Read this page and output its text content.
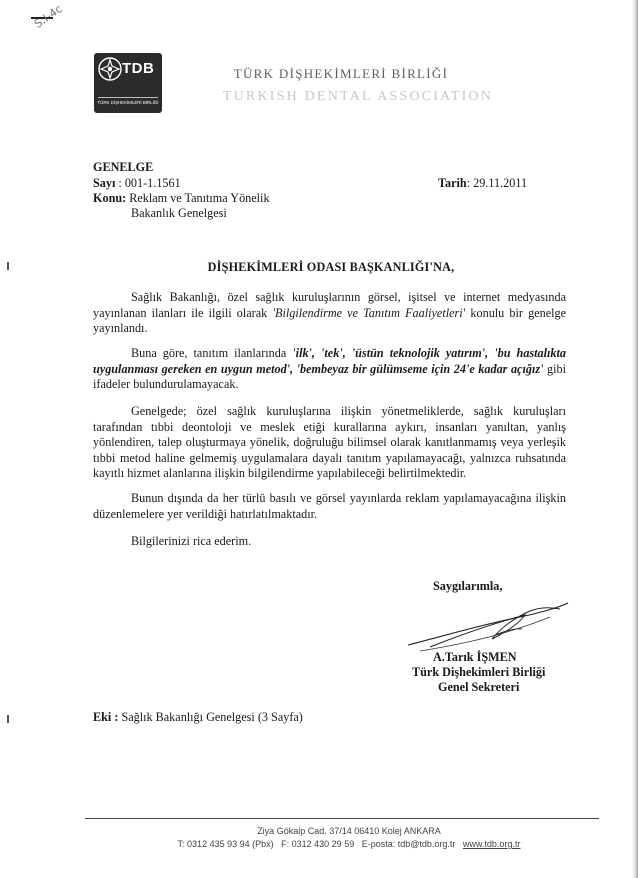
S.I-4c
TDB
TÜRK DİŞHEKİMLERİ BİRLİĞİ
TÜRK DİŞHEKİMLERİ BİRLİĞİ
TURKISH DENTAL ASSOCIATION
GENELGE
Sayı : 001-1.1561	Tarih: 29.11.2011
Konu: Reklam ve Tanıtıma Yönelik
Bakanlık Genelgesi
DİŞHEKİMLERİ ODASI BAŞKANLIĞI'NA,
Sağlık Bakanlığı, özel sağlık kuruluşlarının görsel, işitsel ve internet medyasında yayınlanan ilanları ile ilgili olarak 'Bilgilendirme ve Tanıtım Faaliyetleri' konulu bir genelge yayınlandı.
Buna göre, tanıtım ilanlarında 'ilk', 'tek', 'üstün teknolojik yatırım', 'bu hastalıkta uygulanması gereken en uygun metod', 'bembeyaz bir gülümseme için 24'e kadar açığız' gibi ifadeler bulundurulamayacak.
Genelgede; özel sağlık kuruluşlarına ilişkin yönetmeliklerde, sağlık kuruluşları tarafından tıbbi deontoloji ve meslek etiği kurallarına aykırı, insanları yanıltan, yanlış yönlendiren, talep oluşturmaya yönelik, doğruluğu bilimsel olarak kanıtlanmamış veya yerleşik tıbbi metod haline gelmemiş uygulamalara dayalı tanıtım yapılamayacağı, yalnızca ruhsatında kayıtlı hizmet alanlarına ilişkin bilgilendirme yapılabileceği belirtilmektedir.
Bunun dışında da her türlü basılı ve görsel yayınlarda reklam yapılamayacağına ilişkin düzenlemelere yer verildiği hatırlatılmaktadır.
Bilgilerinizi rica ederim.
Saygılarımla,
A.Tarık İŞMEN
Türk Dişhekimleri Birliği
Genel Sekreteri
Eki : Sağlık Bakanlığı Genelgesi (3 Sayfa)
Ziya Gökalp Cad. 37/14 06410 Kolej ANKARA
T: 0312 435 93 94 (Pbx) F: 0312 430 29 59 E-posta: tdb@tdb.org.tr www.tdb.org.tr
